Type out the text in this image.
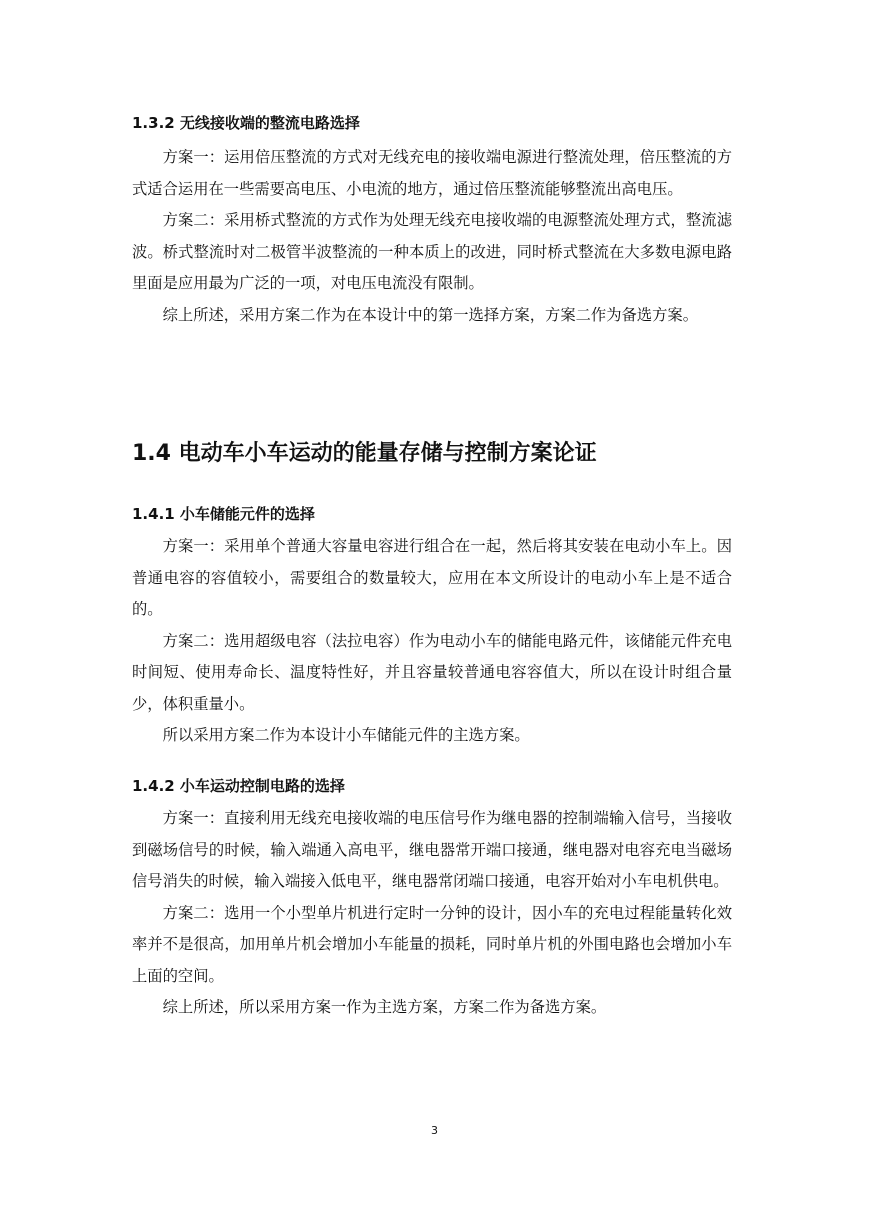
1.3.2 无线接收端的整流电路选择

方案一：运用倍压整流的方式对无线充电的接收端电源进行整流处理，倍压整流的方式适合运用在一些需要高电压、小电流的地方，通过倍压整流能够整流出高电压。

方案二：采用桥式整流的方式作为处理无线充电接收端的电源整流处理方式，整流滤波。桥式整流时对二极管半波整流的一种本质上的改进，同时桥式整流在大多数电源电路里面是应用最为广泛的一项，对电压电流没有限制。

综上所述，采用方案二作为在本设计中的第一选择方案，方案二作为备选方案。

1.4 电动车小车运动的能量存储与控制方案论证
1.4.1 小车储能元件的选择

方案一：采用单个普通大容量电容进行组合在一起，然后将其安装在电动小车上。因普通电容的容值较小，需要组合的数量较大，应用在本文所设计的电动小车上是不适合的。

方案二：选用超级电容（法拉电容）作为电动小车的储能电路元件，该储能元件充电时间短、使用寿命长、温度特性好，并且容量较普通电容容值大，所以在设计时组合量少，体积重量小。

所以采用方案二作为本设计小车储能元件的主选方案。

1.4.2 小车运动控制电路的选择

方案一：直接利用无线充电接收端的电压信号作为继电器的控制端输入信号，当接收到磁场信号的时候，输入端通入高电平，继电器常开端口接通，继电器对电容充电当磁场信号消失的时候，输入端接入低电平，继电器常闭端口接通，电容开始对小车电机供电。

方案二：选用一个小型单片机进行定时一分钟的设计，因小车的充电过程能量转化效率并不是很高，加用单片机会增加小车能量的损耗，同时单片机的外围电路也会增加小车上面的空间。

综上所述，所以采用方案一作为主选方案，方案二作为备选方案。

3
